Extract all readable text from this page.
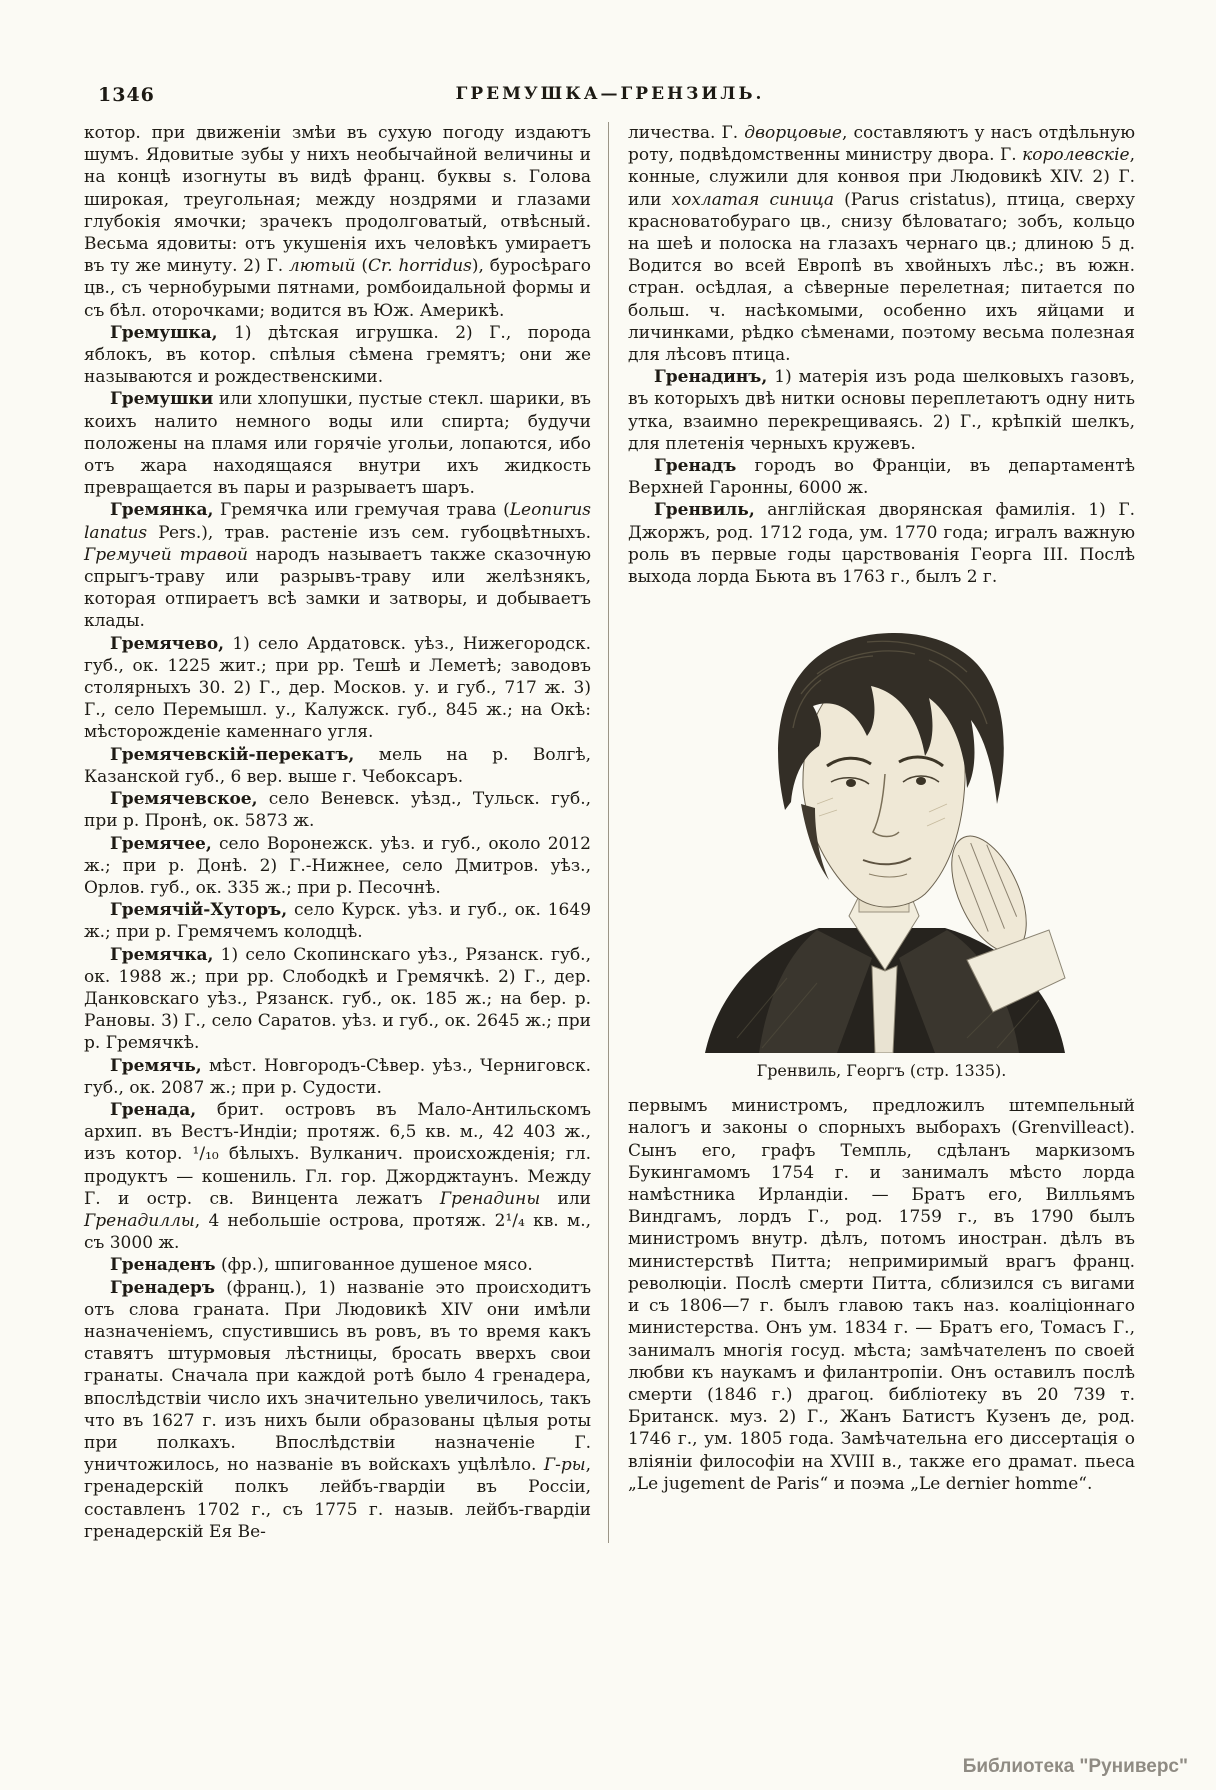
1346	ГРЕМУШКА—ГРЕНЗИЛЬ.

котор. при движеніи змѣи въ сухую погоду издаютъ шумъ. Ядовитые зубы у нихъ необычайной величины и на концѣ изогнуты въ видѣ франц. буквы s. Голова широкая, треугольная; между ноздрями и глазами глубокія ямочки; зрачекъ продолговатый, отвѣсный. Весьма ядовиты: отъ укушенія ихъ человѣкъ умираетъ въ ту же минуту. 2) Г. лютый (Cr. horridus), буросѣраго цв., съ чернобурыми пятнами, ромбоидальной формы и съ бѣл. оторочками; водится въ Юж. Америкѣ.

Гремушка, 1) дѣтская игрушка. 2) Г., порода яблокъ, въ котор. спѣлыя сѣмена гремятъ; они же называются и рождественскими.

Гремушки или хлопушки, пустые стекл. шарики, въ коихъ налито немного воды или спирта; будучи положены на пламя или горячіе угольи, лопаются, ибо отъ жара находящаяся внутри ихъ жидкость превращается въ пары и разрываетъ шаръ.

Гремянка, Гремячка или гремучая трава (Leonurus lanatus Pers.), трав. растеніе изъ сем. губоцвѣтныхъ. Гремучей травой народъ называетъ также сказочную спрыгъ-траву или разрывъ-траву или желѣзнякъ, которая отпираетъ всѣ замки и затворы, и добываетъ клады.

Гремячево, 1) село Ардатовск. уѣз., Нижегородск. губ., ок. 1225 жит.; при рр. Тешѣ и Леметѣ; заводовъ столярныхъ 30. 2) Г., дер. Москов. у. и губ., 717 ж. 3) Г., село Перемышл. у., Калужск. губ., 845 ж.; на Окѣ: мѣсторожденіе каменнаго угля.

Гремячевскій-перекатъ, мель на р. Волгѣ, Казанской губ., 6 вер. выше г. Чебоксаръ.

Гремячевское, село Веневск. уѣзд., Тульск. губ., при р. Пронѣ, ок. 5873 ж.

Гремячее, село Воронежск. уѣз. и губ., около 2012 ж.; при р. Донѣ. 2) Г.-Нижнее, село Дмитров. уѣз., Орлов. губ., ок. 335 ж.; при р. Песочнѣ.

Гремячій-Хуторъ, село Курск. уѣз. и губ., ок. 1649 ж.; при р. Гремячемъ колодцѣ.

Гремячка, 1) село Скопинскаго уѣз., Рязанск. губ., ок. 1988 ж.; при рр. Слободкѣ и Гремячкѣ. 2) Г., дер. Данковскаго уѣз., Рязанск. губ., ок. 185 ж.; на бер. р. Рановы. 3) Г., село Саратов. уѣз. и губ., ок. 2645 ж.; при р. Гремячкѣ.

Гремячь, мѣст. Новгородъ-Сѣвер. уѣз., Черниговск. губ., ок. 2087 ж.; при р. Судости.

Гренада, брит. островъ въ Мало-Антильскомъ архип. въ Вестъ-Индіи; протяж. 6,5 кв. м., 42 403 ж., изъ котор. ¹/₁₀ бѣлыхъ. Вулканич. происхожденія; гл. продуктъ — кошениль. Гл. гор. Джорджтаунъ. Между Г. и остр. св. Винцента лежатъ Гренадины или Гренадиллы, 4 небольшіе острова, протяж. 2¹/₄ кв. м., съ 3000 ж.

Гренаденъ (фр.), шпигованное душеное мясо.

Гренадеръ (франц.), 1) названіе это происходитъ отъ слова граната. При Людовикѣ XIV они имѣли назначеніемъ, спустившись въ ровъ, въ то время какъ ставятъ штурмовыя лѣстницы, бросать вверхъ свои гранаты. Сначала при каждой ротѣ было 4 гренадера, впослѣдствіи число ихъ значительно увеличилось, такъ что въ 1627 г. изъ нихъ были образованы цѣлыя роты при полкахъ. Впослѣдствіи назначеніе Г. уничтожилось, но названіе въ войскахъ уцѣлѣло. Г-ры, гренадерскій полкъ лейбъ-гвардіи въ Россіи, составленъ 1702 г., съ 1775 г. назыв. лейбъ-гвардіи гренадерскій Ея Ве-

личества. Г. дворцовые, составляютъ у насъ отдѣльную роту, подвѣдомственны министру двора. Г. королевскіе, конные, служили для конвоя при Людовикѣ XIV. 2) Г. или хохлатая синица (Parus cristatus), птица, сверху красноватобураго цв., снизу бѣловатаго; зобъ, кольцо на шеѣ и полоска на глазахъ чернаго цв.; длиною 5 д. Водится во всей Европѣ въ хвойныхъ лѣс.; въ южн. стран. осѣдлая, а сѣверные перелетная; питается по больш. ч. насѣкомыми, особенно ихъ яйцами и личинками, рѣдко сѣменами, поэтому весьма полезная для лѣсовъ птица.

Гренадинъ, 1) матерія изъ рода шелковыхъ газовъ, въ которыхъ двѣ нитки основы переплетаютъ одну нить утка, взаимно перекрещиваясь. 2) Г., крѣпкій шелкъ, для плетенія черныхъ кружевъ.

Гренадъ городъ во Франціи, въ департаментѣ Верхней Гаронны, 6000 ж.

Гренвиль, англійская дворянская фамилія. 1) Г. Джоржъ, род. 1712 года, ум. 1770 года; игралъ важную роль въ первые годы царствованія Георга III. Послѣ выхода лорда Бьюта въ 1763 г., былъ 2 г.

Гренвиль, Георгъ (стр. 1335).

первымъ министромъ, предложилъ штемпельный налогъ и законы о спорныхъ выборахъ (Grenvilleact). Сынъ его, графъ Темпль, сдѣланъ маркизомъ Букингамомъ 1754 г. и занималъ мѣсто лорда намѣстника Ирландіи. — Братъ его, Вилльямъ Виндгамъ, лордъ Г., род. 1759 г., въ 1790 былъ министромъ внутр. дѣлъ, потомъ иностран. дѣлъ въ министерствѣ Питта; непримиримый врагъ франц. революціи. Послѣ смерти Питта, сблизился съ вигами и съ 1806—7 г. былъ главою такъ наз. коаліціоннаго министерства. Онъ ум. 1834 г. — Братъ его, Томасъ Г., занималъ многія госуд. мѣста; замѣчателенъ по своей любви къ наукамъ и филантропіи. Онъ оставилъ послѣ смерти (1846 г.) драгоц. библіотеку въ 20 739 т. Британск. муз. 2) Г., Жанъ Батистъ Кузенъ де, род. 1746 г., ум. 1805 года. Замѣчательна его диссертація о вліяніи философіи на XVIII в., также его драмат. пьеса „Le jugement de Paris“ и поэма „Le dernier homme“.

Библиотека "Руниверс"
